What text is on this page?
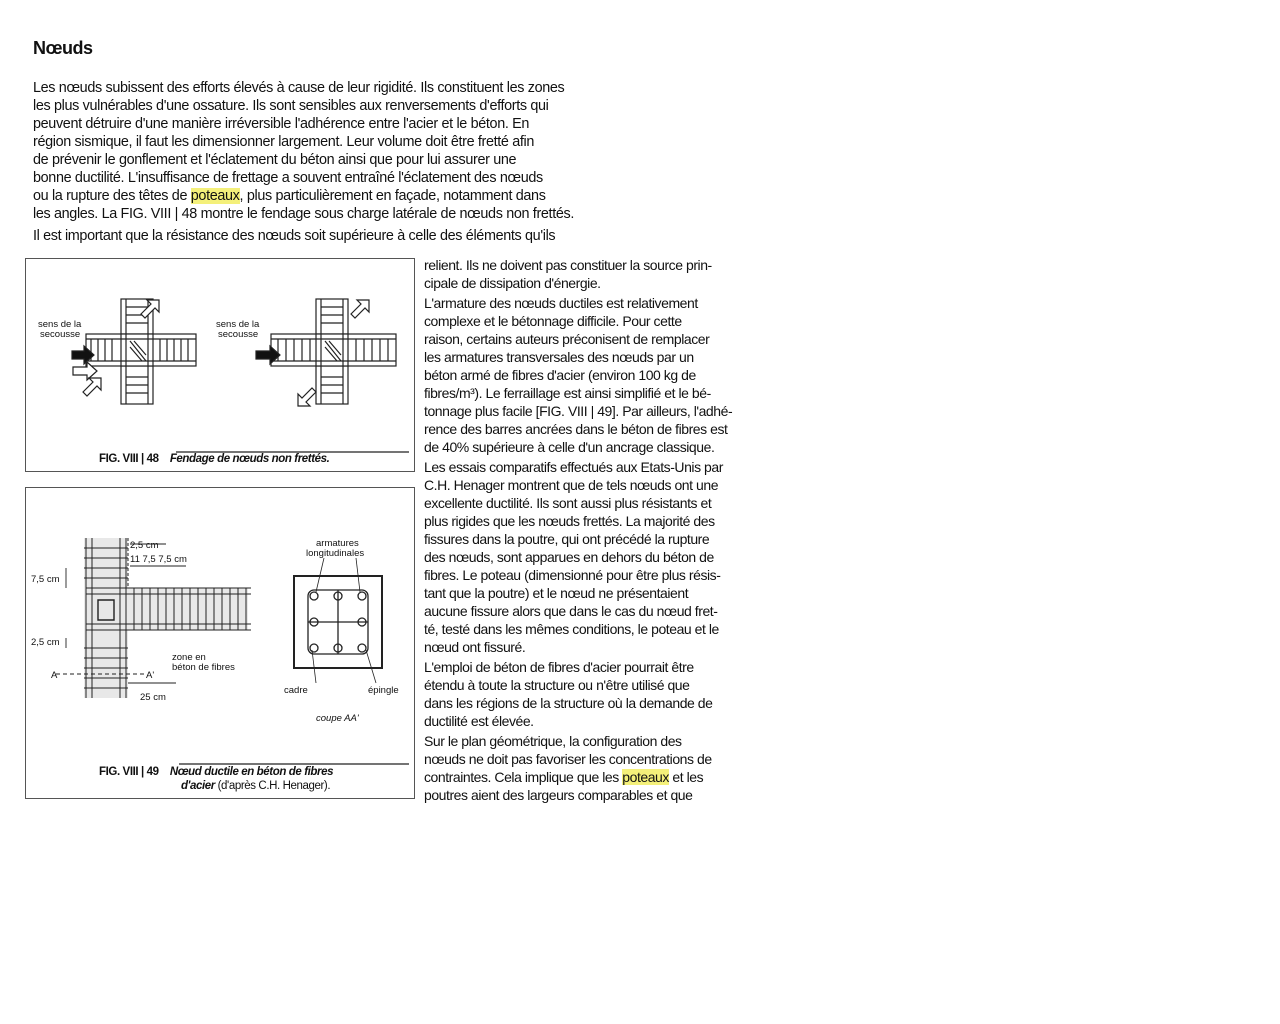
Nœuds
Les nœuds subissent des efforts élevés à cause de leur rigidité. Ils constituent les zones
les plus vulnérables d'une ossature. Ils sont sensibles aux renversements d'efforts qui
peuvent détruire d'une manière irréversible l'adhérence entre l'acier et le béton. En
région sismique, il faut les dimensionner largement. Leur volume doit être fretté afin
de prévenir le gonflement et l'éclatement du béton ainsi que pour lui assurer une
bonne ductilité. L'insuffisance de frettage a souvent entraîné l'éclatement des nœuds
ou la rupture des têtes de poteaux, plus particulièrement en façade, notamment dans
les angles. La FIG. VIII | 48 montre le fendage sous charge latérale de nœuds non frettés.
Il est important que la résistance des nœuds soit supérieure à celle des éléments qu'ils
relient. Ils ne doivent pas constituer la source prin-
cipale de dissipation d'énergie.
L'armature des nœuds ductiles est relativement
complexe et le bétonnage difficile. Pour cette
raison, certains auteurs préconisent de remplacer
les armatures transversales des nœuds par un
béton armé de fibres d'acier (environ 100 kg de
fibres/m³). Le ferraillage est ainsi simplifié et le bé-
tonnage plus facile [FIG. VIII | 49]. Par ailleurs, l'adhé-
rence des barres ancrées dans le béton de fibres est
de 40% supérieure à celle d'un ancrage classique.
Les essais comparatifs effectués aux Etats-Unis par
C.H. Henager montrent que de tels nœuds ont une
excellente ductilité. Ils sont aussi plus résistants et
plus rigides que les nœuds frettés. La majorité des
fissures dans la poutre, qui ont précédé la rupture
des nœuds, sont apparues en dehors du béton de
fibres. Le poteau (dimensionné pour être plus résis-
tant que la poutre) et le nœud ne présentaient
aucune fissure alors que dans le cas du nœud fret-
té, testé dans les mêmes conditions, le poteau et le
nœud ont fissuré.
L'emploi de béton de fibres d'acier pourrait être
étendu à toute la structure ou n'être utilisé que
dans les régions de la structure où la demande de
ductilité est élevée.
Sur le plan géométrique, la configuration des
nœuds ne doit pas favoriser les concentrations de
contraintes. Cela implique que les poteaux et les
poutres aient des largeurs comparables et que
sens de la
secousse
sens de la
secousse
FIG. VIII | 48 Fendage de nœuds non frettés.
2,5 cm
11 7,5 7,5 cm
7,5 cm
2,5 cm
25 cm
zone en
béton de fibres
A	A'
armatures
longitudinales
cadre	épingle
coupe AA'
FIG. VIII | 49 Nœud ductile en béton de fibres
d'acier (d'après C.H. Henager).
